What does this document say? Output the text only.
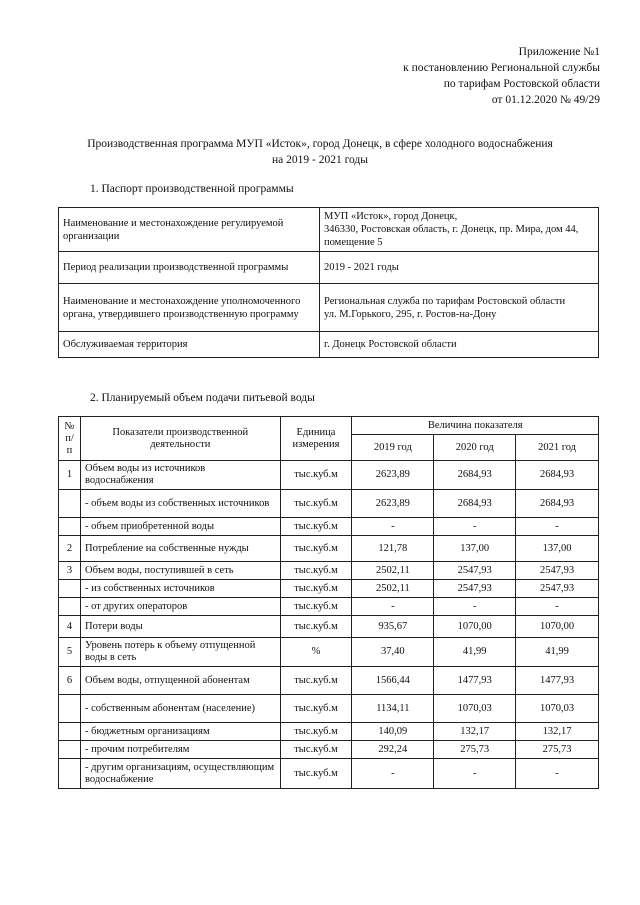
Приложение №1
к постановлению Региональной службы
по тарифам Ростовской области
от 01.12.2020 № 49/29
Производственная программа МУП «Исток», город Донецк, в сфере холодного водоснабжения
на 2019 - 2021 годы
1. Паспорт производственной программы
Наименование и местонахождение регулируемой организации	МУП «Исток», город Донецк,
346330, Ростовская область, г. Донецк, пр. Мира, дом 44, помещение 5

Период реализации производственной программы	2019 - 2021 годы
Наименование и местонахождение уполномоченного органа, утвердившего производственную программу	Региональная служба по тарифам Ростовской области
ул. М.Горького, 295, г. Ростов-на-Дону

Обслуживаемая территория	г. Донецк Ростовской области
2. Планируемый объем подачи питьевой воды
№ п/п	Показатели производственной деятельности	Единица измерения	Величина показателя		
			2019 год	2020 год	2021 год
1	Объем воды из источников водоснабжения	тыс.куб.м	2623,89	2684,93	2684,93
	- объем воды из собственных источников	тыс.куб.м	2623,89	2684,93	2684,93
	- объем приобретенной воды	тыс.куб.м	-	-	-
2	Потребление на собственные нужды	тыс.куб.м	121,78	137,00	137,00
3	Объем воды, поступившей в сеть	тыс.куб.м	2502,11	2547,93	2547,93
	- из собственных источников	тыс.куб.м	2502,11	2547,93	2547,93
	- от других операторов	тыс.куб.м	-	-	-
4	Потери воды	тыс.куб.м	935,67	1070,00	1070,00
5	Уровень потерь к объему отпущенной воды в сеть	%	37,40	41,99	41,99
6	Объем воды, отпущенной абонентам	тыс.куб.м	1566,44	1477,93	1477,93
	- собственным абонентам (население)	тыс.куб.м	1134,11	1070,03	1070,03
	- бюджетным организациям	тыс.куб.м	140,09	132,17	132,17
	- прочим потребителям	тыс.куб.м	292,24	275,73	275,73
	- другим организациям, осуществляющим водоснабжение	тыс.куб.м	-	-	-
